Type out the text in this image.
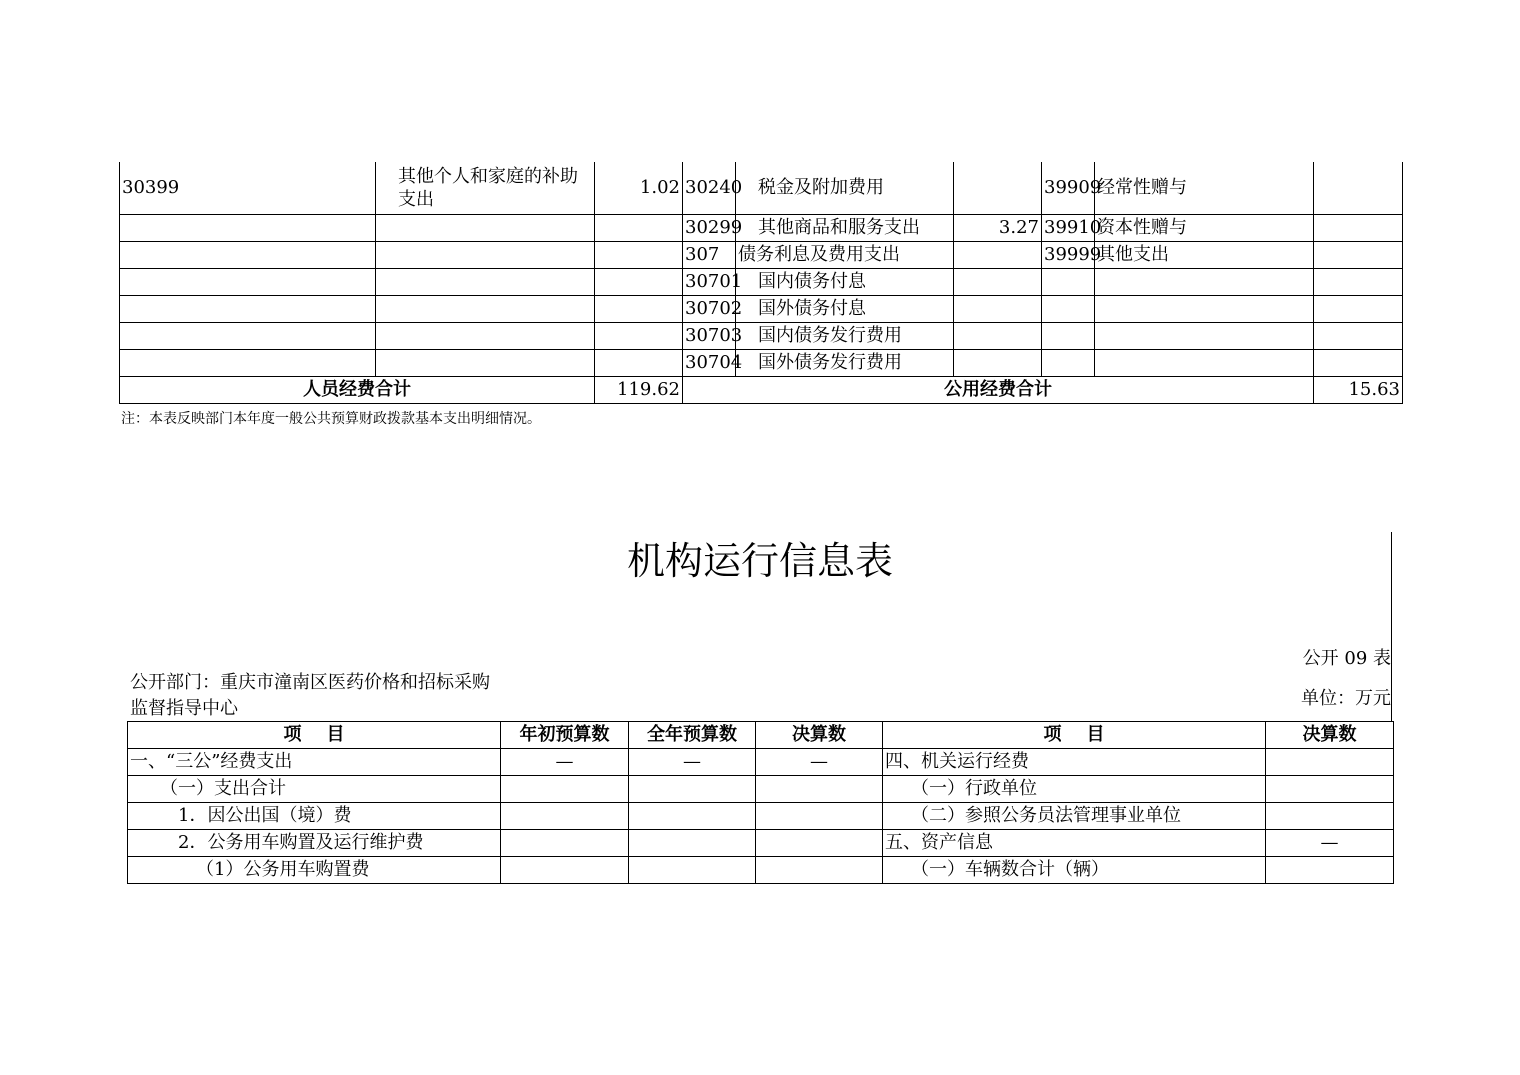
30399	其他个人和家庭的补助支出	1.02	30240	税金及附加费用		39909	经常性赠与	
			30299	其他商品和服务支出	3.27	39910	资本性赠与	
			307	债务利息及费用支出		39999	其他支出	
			30701	国内债务付息				
			30702	国外债务付息				
			30703	国内债务发行费用				
			30704	国外债务发行费用				
人员经费合计		119.62	公用经费合计					15.63
注：本表反映部门本年度一般公共预算财政拨款基本支出明细情况。
机构运行信息表
公开 09 表
公开部门：重庆市潼南区医药价格和招标采购监督指导中心	单位：万元
项    目	年初预算数	全年预算数	决算数	项    目	决算数
一、“三公”经费支出	—	—	—	四、机关运行经费	
（一）支出合计				（一）行政单位	
1．因公出国（境）费				（二）参照公务员法管理事业单位	
2．公务用车购置及运行维护费				五、资产信息	—
（1）公务用车购置费				（一）车辆数合计（辆）	
